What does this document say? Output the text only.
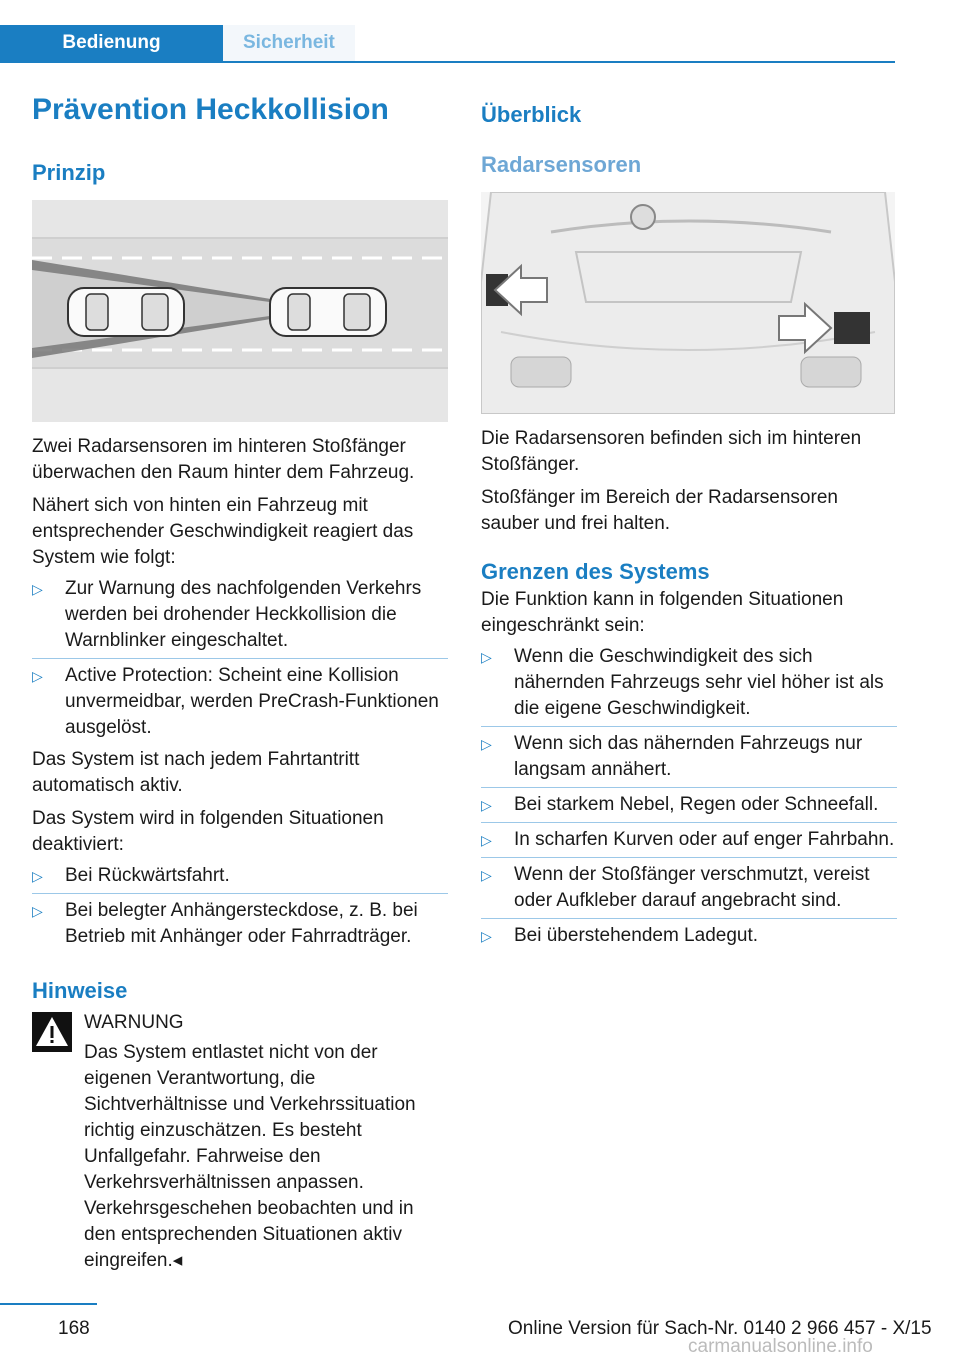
Bedienung	Sicherheit
Prävention Heckkollision
Prinzip

Zwei Radarsensoren im hinteren Stoßfänger überwachen den Raum hinter dem Fahrzeug.

Nähert sich von hinten ein Fahrzeug mit entsprechender Geschwindigkeit reagiert das System wie folgt:

▷ Zur Warnung des nachfolgenden Verkehrs werden bei drohender Heckkollision die Warnblinker eingeschaltet.
▷ Active Protection: Scheint eine Kollision unvermeidbar, werden PreCrash-Funktionen ausgelöst.

Das System ist nach jedem Fahrtantritt automatisch aktiv.

Das System wird in folgenden Situationen deaktiviert:

▷ Bei Rückwärtsfahrt.
▷ Bei belegter Anhängersteckdose, z. B. bei Betrieb mit Anhänger oder Fahrradträger.
Hinweise

WARNUNG

Das System entlastet nicht von der eigenen Verantwortung, die Sichtverhältnisse und Verkehrssituation richtig einzuschätzen. Es besteht Unfallgefahr. Fahrweise den Verkehrsverhältnissen anpassen. Verkehrsgeschehen beobachten und in den entsprechenden Situationen aktiv eingreifen.◂

Überblick
Radarsensoren

Die Radarsensoren befinden sich im hinteren Stoßfänger.

Stoßfänger im Bereich der Radarsensoren sauber und frei halten.

Grenzen des Systems

Die Funktion kann in folgenden Situationen eingeschränkt sein:

▷ Wenn die Geschwindigkeit des sich nähernden Fahrzeugs sehr viel höher ist als die eigene Geschwindigkeit.
▷ Wenn sich das nähernden Fahrzeugs nur langsam annähert.
▷ Bei starkem Nebel, Regen oder Schneefall.
▷ In scharfen Kurven oder auf enger Fahrbahn.
▷ Wenn der Stoßfänger verschmutzt, vereist oder Aufkleber darauf angebracht sind.
▷ Bei überstehendem Ladegut.
168	Online Version für Sach-Nr. 0140 2 966 457 - X/15
carmanualsonline.info
